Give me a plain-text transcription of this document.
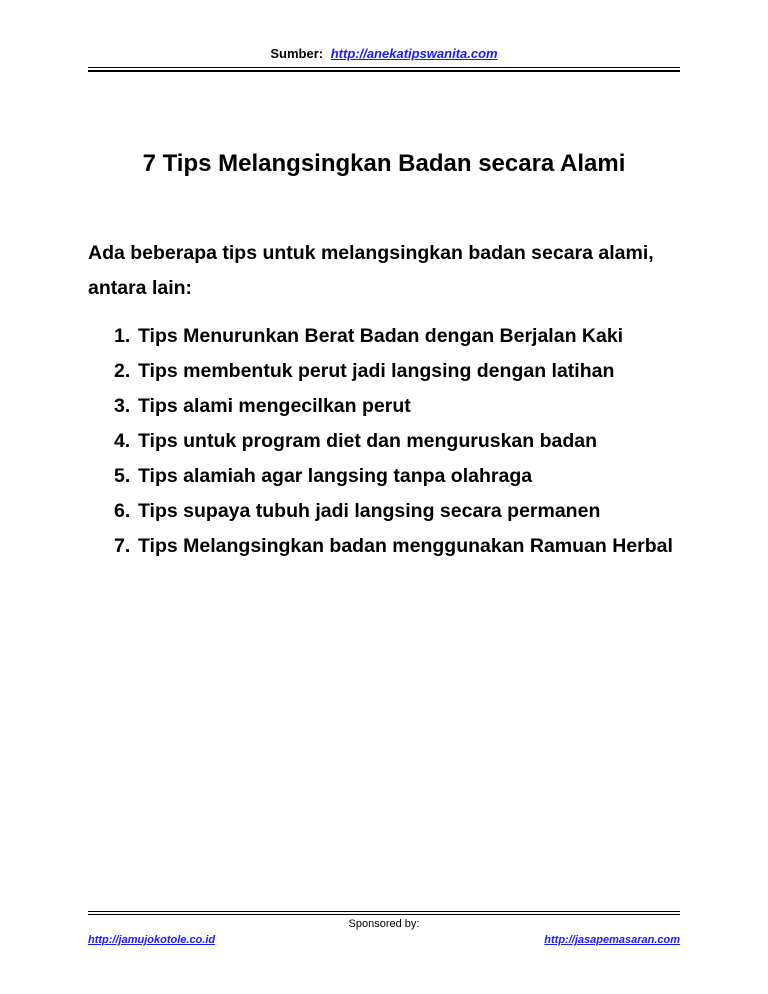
Sumber: http://anekatipswanita.com
7 Tips Melangsingkan Badan secara Alami
Ada beberapa tips untuk melangsingkan badan secara alami, antara lain:
1. Tips Menurunkan Berat Badan dengan Berjalan Kaki
2. Tips membentuk perut jadi langsing dengan latihan
3. Tips alami mengecilkan perut
4. Tips untuk program diet dan menguruskan badan
5. Tips alamiah agar langsing tanpa olahraga
6. Tips supaya tubuh jadi langsing secara permanen
7. Tips Melangsingkan badan menggunakan Ramuan Herbal
Sponsored by:
http://jamujokotole.co.id	http://jasapemasaran.com
